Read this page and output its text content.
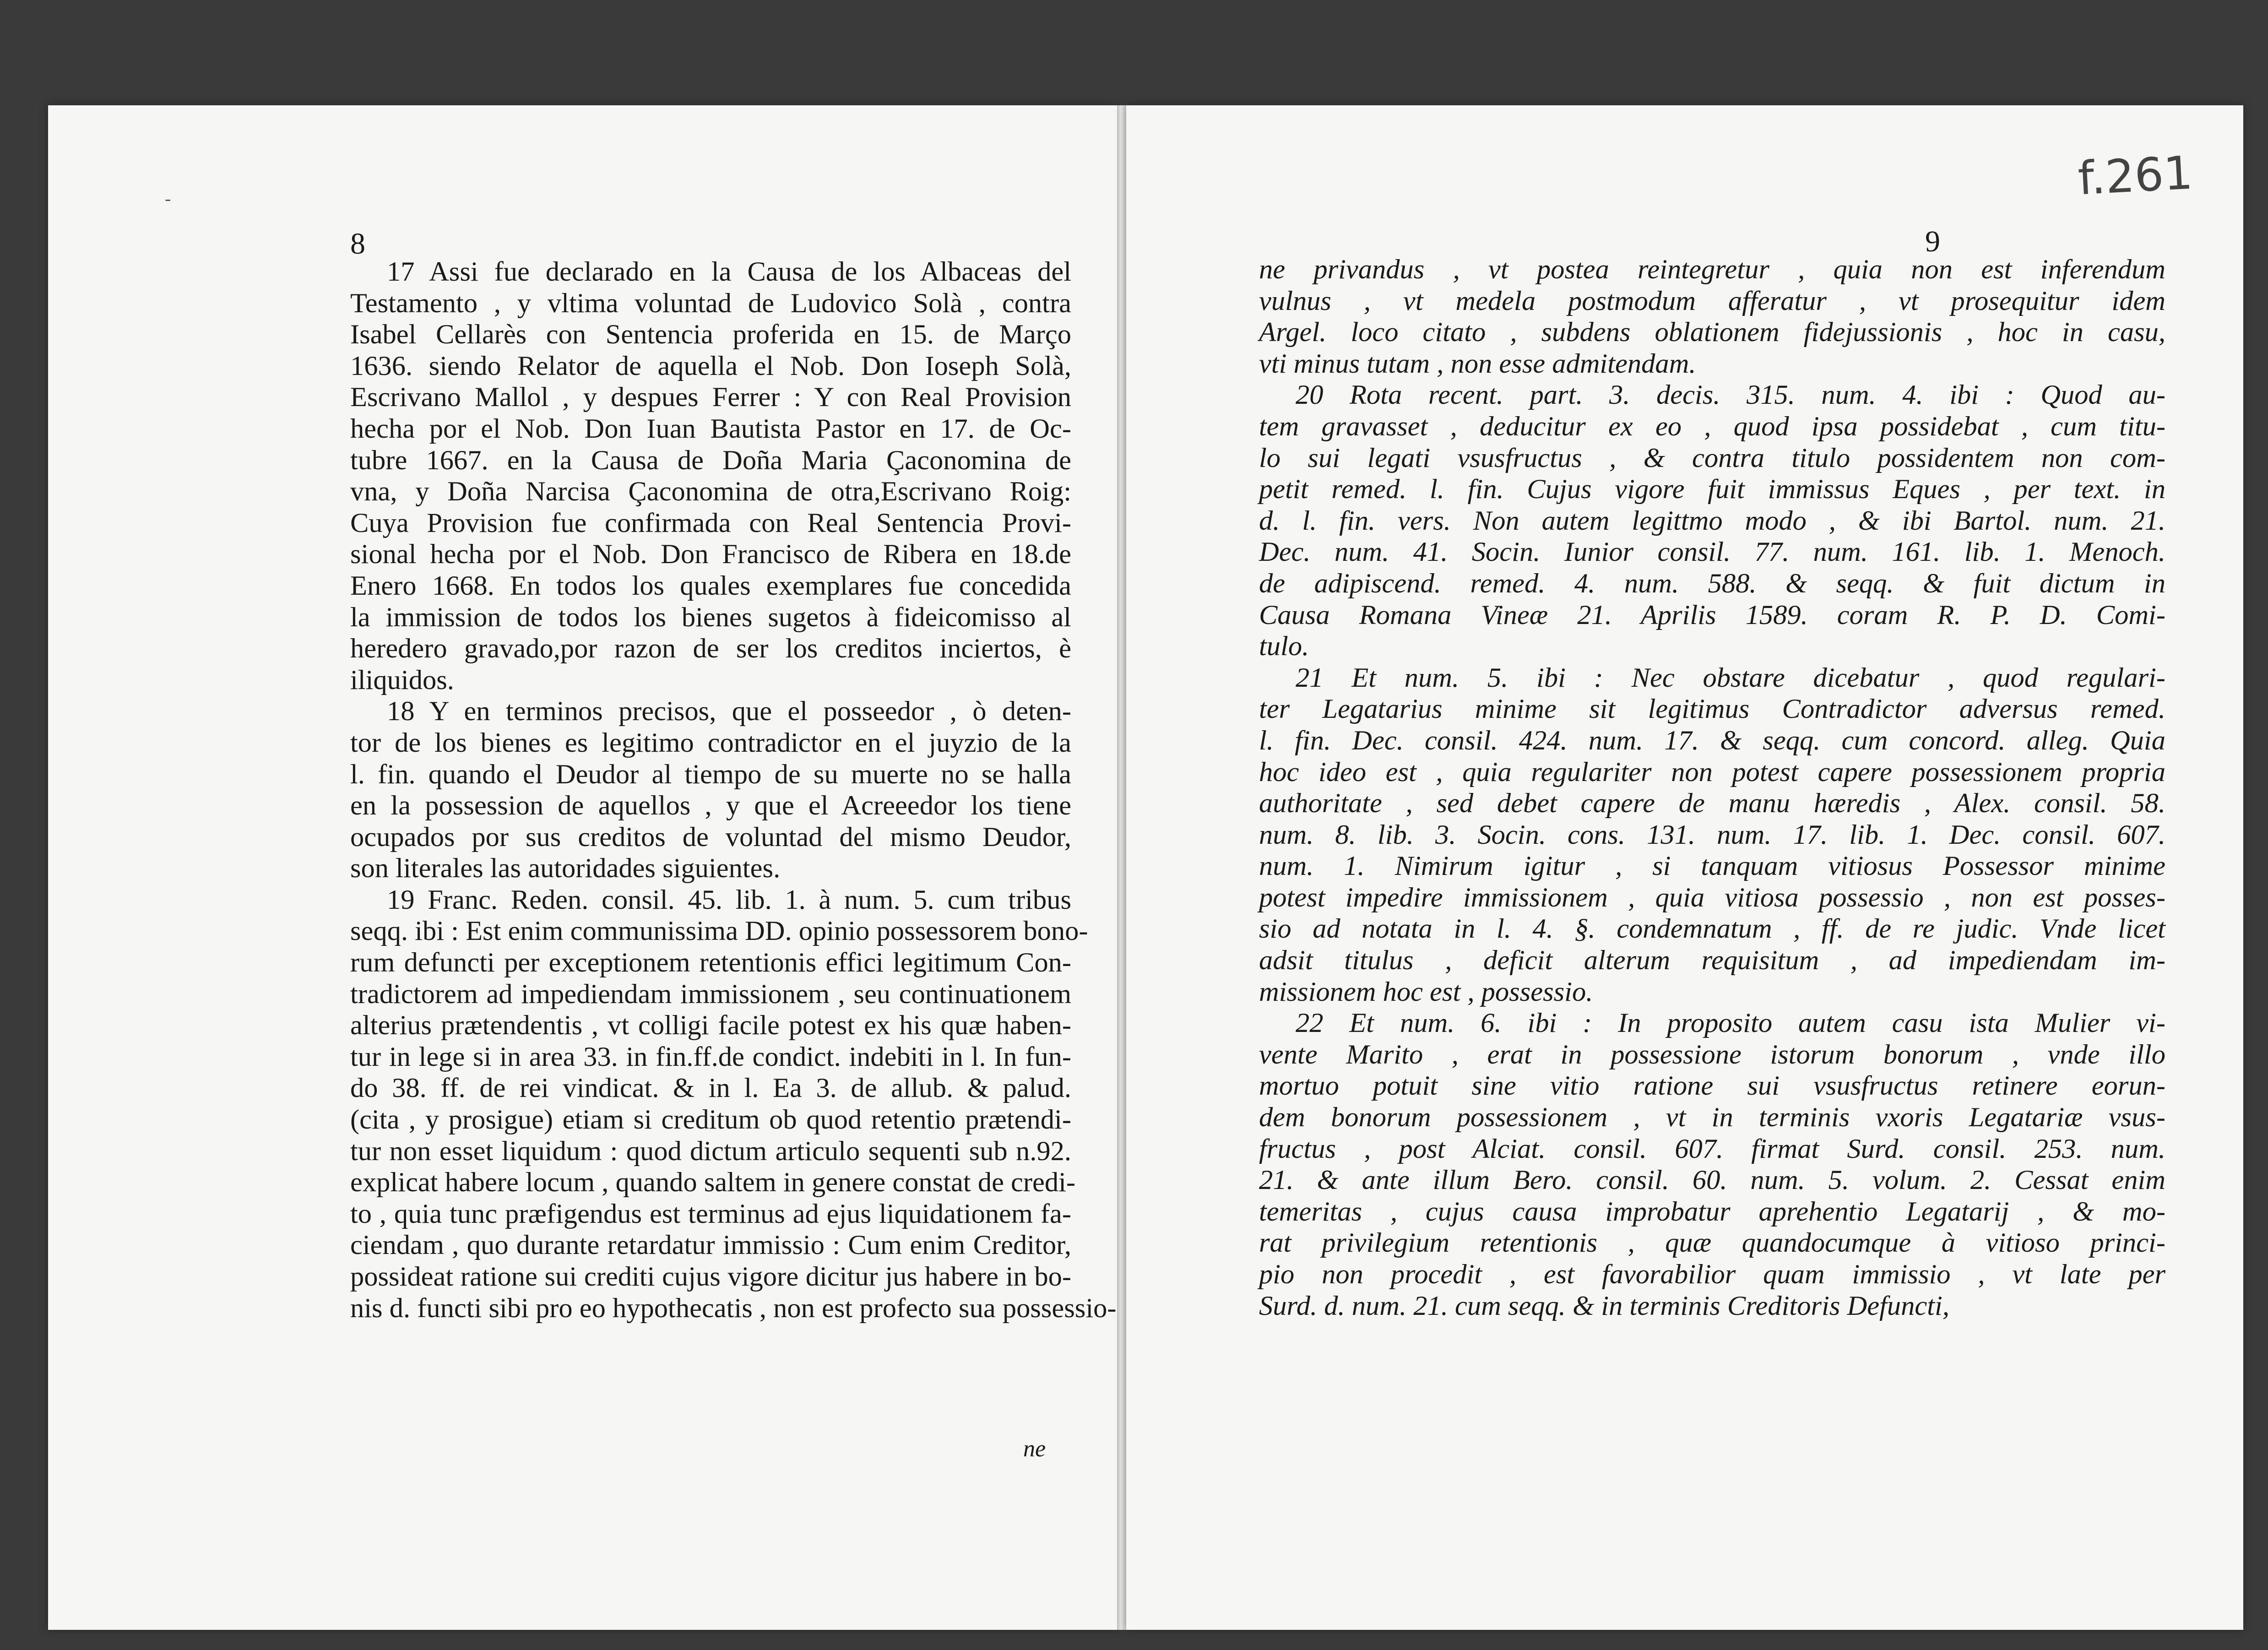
-
8
17 Assi fue declarado en la Causa de los Albaceas del
Testamento , y vltima voluntad de Ludovico Solà , contra
Isabel Cellarès con Sentencia proferida en 15. de Março
1636. siendo Relator de aquella el Nob. Don Ioseph Solà,
Escrivano Mallol , y despues Ferrer : Y con Real Provision
hecha por el Nob. Don Iuan Bautista Pastor en 17. de Oc-
tubre 1667. en la Causa de Doña Maria Çaconomina de
vna, y Doña Narcisa Çaconomina de otra,Escrivano Roig:
Cuya Provision fue confirmada con Real Sentencia Provi-
sional hecha por el Nob. Don Francisco de Ribera en 18.de
Enero 1668. En todos los quales exemplares fue concedida
la immission de todos los bienes sugetos à fideicomisso al
heredero gravado,por razon de ser los creditos inciertos, è
iliquidos.
18 Y en terminos precisos, que el posseedor , ò deten-
tor de los bienes es legitimo contradictor en el juyzio de la
l. fin. quando el Deudor al tiempo de su muerte no se halla
en la possession de aquellos , y que el Acreeedor los tiene
ocupados por sus creditos de voluntad del mismo Deudor,
son literales las autoridades siguientes.
19 Franc. Reden. consil. 45. lib. 1. à num. 5. cum tribus
seqq. ibi : Est enim communissima DD. opinio possessorem bono-
rum defuncti per exceptionem retentionis effici legitimum Con-
tradictorem ad impediendam immissionem , seu continuationem
alterius prætendentis , vt colligi facile potest ex his quæ haben-
tur in lege si in area 33. in fin.ff.de condict. indebiti in l. In fun-
do 38. ff. de rei vindicat. & in l. Ea 3. de allub. & palud.
(cita , y prosigue) etiam si creditum ob quod retentio prætendi-
tur non esset liquidum : quod dictum articulo sequenti sub n.92.
explicat habere locum , quando saltem in genere constat de credi-
to , quia tunc præfigendus est terminus ad ejus liquidationem fa-
ciendam , quo durante retardatur immissio : Cum enim Creditor,
possideat ratione sui crediti cujus vigore dicitur jus habere in bo-
nis d. functi sibi pro eo hypothecatis , non est profecto sua possessio-
ne
f.261
9
ne privandus , vt postea reintegretur , quia non est inferendum
vulnus , vt medela postmodum afferatur , vt prosequitur idem
Argel. loco citato , subdens oblationem fidejussionis , hoc in casu,
vti minus tutam , non esse admitendam.
20 Rota recent. part. 3. decis. 315. num. 4. ibi : Quod au-
tem gravasset , deducitur ex eo , quod ipsa possidebat , cum titu-
lo sui legati vsusfructus , & contra titulo possidentem non com-
petit remed. l. fin. Cujus vigore fuit immissus Eques , per text. in
d. l. fin. vers. Non autem legittmo modo , & ibi Bartol. num. 21.
Dec. num. 41. Socin. Iunior consil. 77. num. 161. lib. 1. Menoch.
de adipiscend. remed. 4. num. 588. & seqq. & fuit dictum in
Causa Romana Vineæ 21. Aprilis 1589. coram R. P. D. Comi-
tulo.
21 Et num. 5. ibi : Nec obstare dicebatur , quod regulari-
ter Legatarius minime sit legitimus Contradictor adversus remed.
l. fin. Dec. consil. 424. num. 17. & seqq. cum concord. alleg. Quia
hoc ideo est , quia regulariter non potest capere possessionem propria
authoritate , sed debet capere de manu hæredis , Alex. consil. 58.
num. 8. lib. 3. Socin. cons. 131. num. 17. lib. 1. Dec. consil. 607.
num. 1. Nimirum igitur , si tanquam vitiosus Possessor minime
potest impedire immissionem , quia vitiosa possessio , non est posses-
sio ad notata in l. 4. §. condemnatum , ff. de re judic. Vnde licet
adsit titulus , deficit alterum requisitum , ad impediendam im-
missionem hoc est , possessio.
22 Et num. 6. ibi : In proposito autem casu ista Mulier vi-
vente Marito , erat in possessione istorum bonorum , vnde illo
mortuo potuit sine vitio ratione sui vsusfructus retinere eorun-
dem bonorum possessionem , vt in terminis vxoris Legatariæ vsus-
fructus , post Alciat. consil. 607. firmat Surd. consil. 253. num.
21. & ante illum Bero. consil. 60. num. 5. volum. 2. Cessat enim
temeritas , cujus causa improbatur aprehentio Legatarij , & mo-
rat privilegium retentionis , quæ quandocumque à vitioso princi-
pio non procedit , est favorabilior quam immissio , vt late per
Surd. d. num. 21. cum seqq. & in terminis Creditoris Defuncti,
